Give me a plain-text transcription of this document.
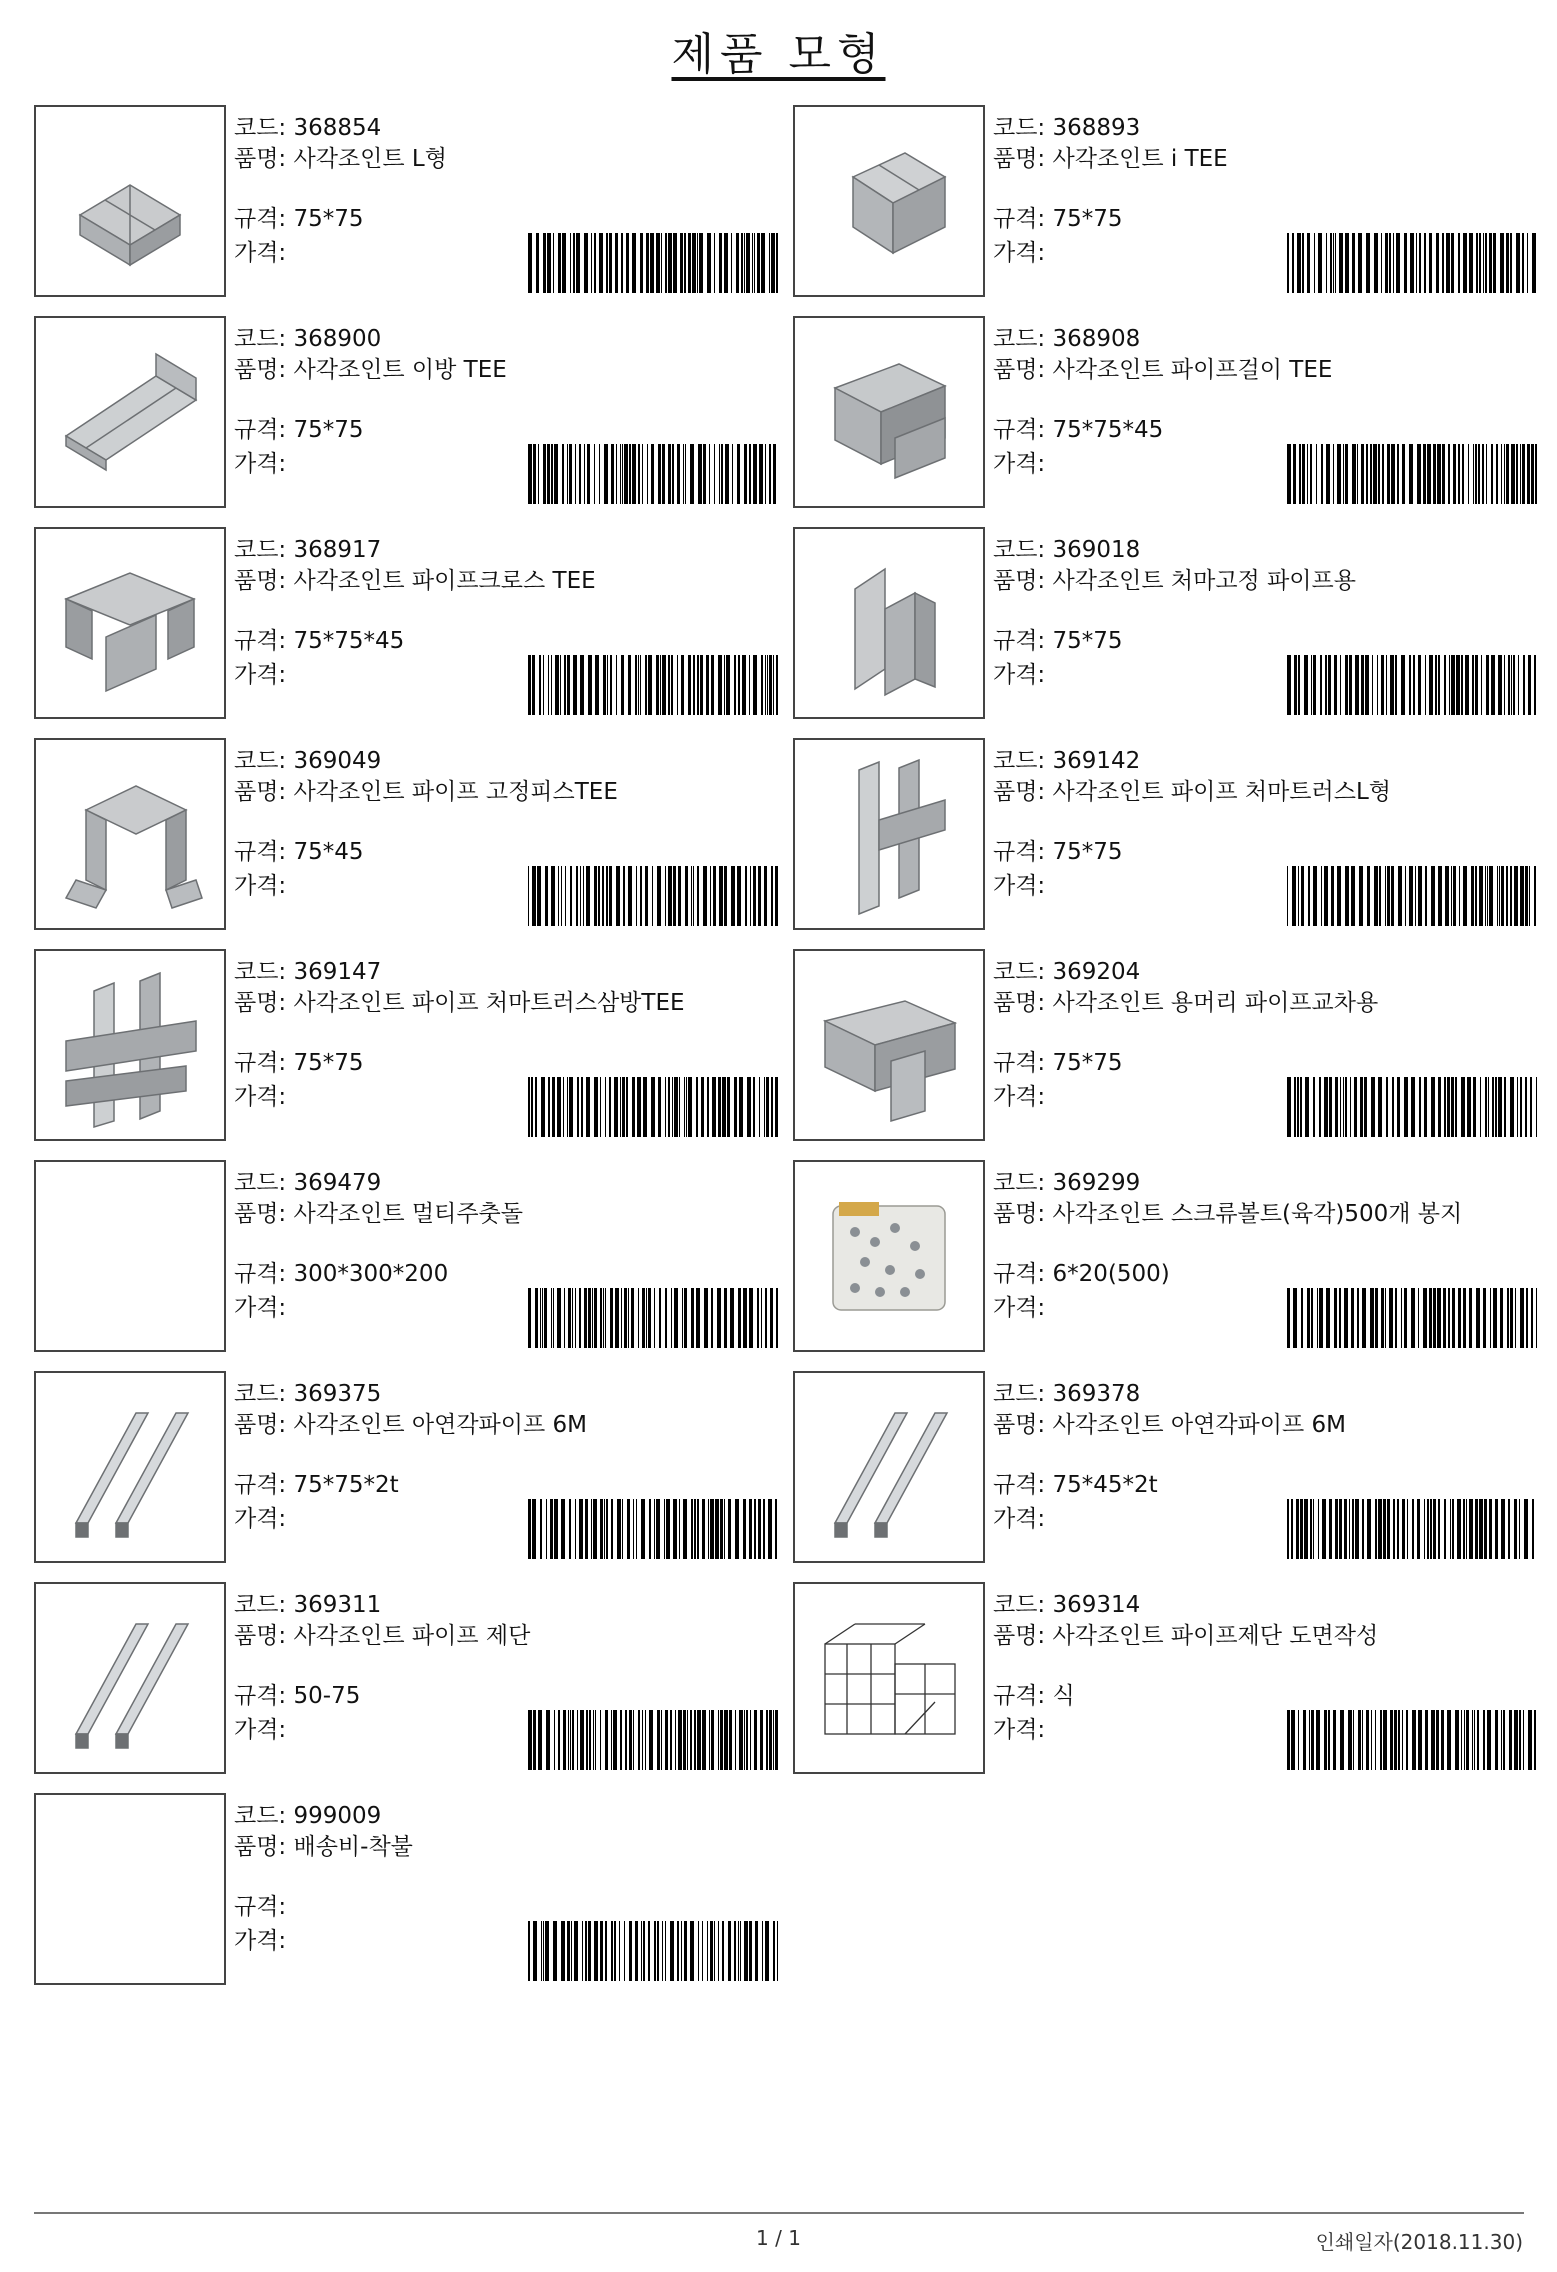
제품 모형
코드: 368854
품명: 사각조인트 L형
규격: 75*75
가격:
코드: 368893
품명: 사각조인트 i TEE
규격: 75*75
가격:
코드: 368900
품명: 사각조인트 이방 TEE
규격: 75*75
가격:
코드: 368908
품명: 사각조인트 파이프걸이 TEE
규격: 75*75*45
가격:
코드: 368917
품명: 사각조인트 파이프크로스 TEE
규격: 75*75*45
가격:
코드: 369018
품명: 사각조인트 처마고정 파이프용
규격: 75*75
가격:
코드: 369049
품명: 사각조인트 파이프 고정피스TEE
규격: 75*45
가격:
코드: 369142
품명: 사각조인트 파이프 처마트러스L형
규격: 75*75
가격:
코드: 369147
품명: 사각조인트 파이프 처마트러스삼방TEE
규격: 75*75
가격:
코드: 369204
품명: 사각조인트 용머리 파이프교차용
규격: 75*75
가격:
코드: 369479
품명: 사각조인트 멀티주춧돌
규격: 300*300*200
가격:
코드: 369299
품명: 사각조인트 스크류볼트(육각)500개 봉지
규격: 6*20(500)
가격:
코드: 369375
품명: 사각조인트 아연각파이프 6M
규격: 75*75*2t
가격:
코드: 369378
품명: 사각조인트 아연각파이프 6M
규격: 75*45*2t
가격:
코드: 369311
품명: 사각조인트 파이프 제단
규격: 50-75
가격:
코드: 369314
품명: 사각조인트 파이프제단 도면작성
규격: 식
가격:
코드: 999009
품명: 배송비-착불
규격:
가격:
1 / 1	인쇄일자(2018.11.30)
